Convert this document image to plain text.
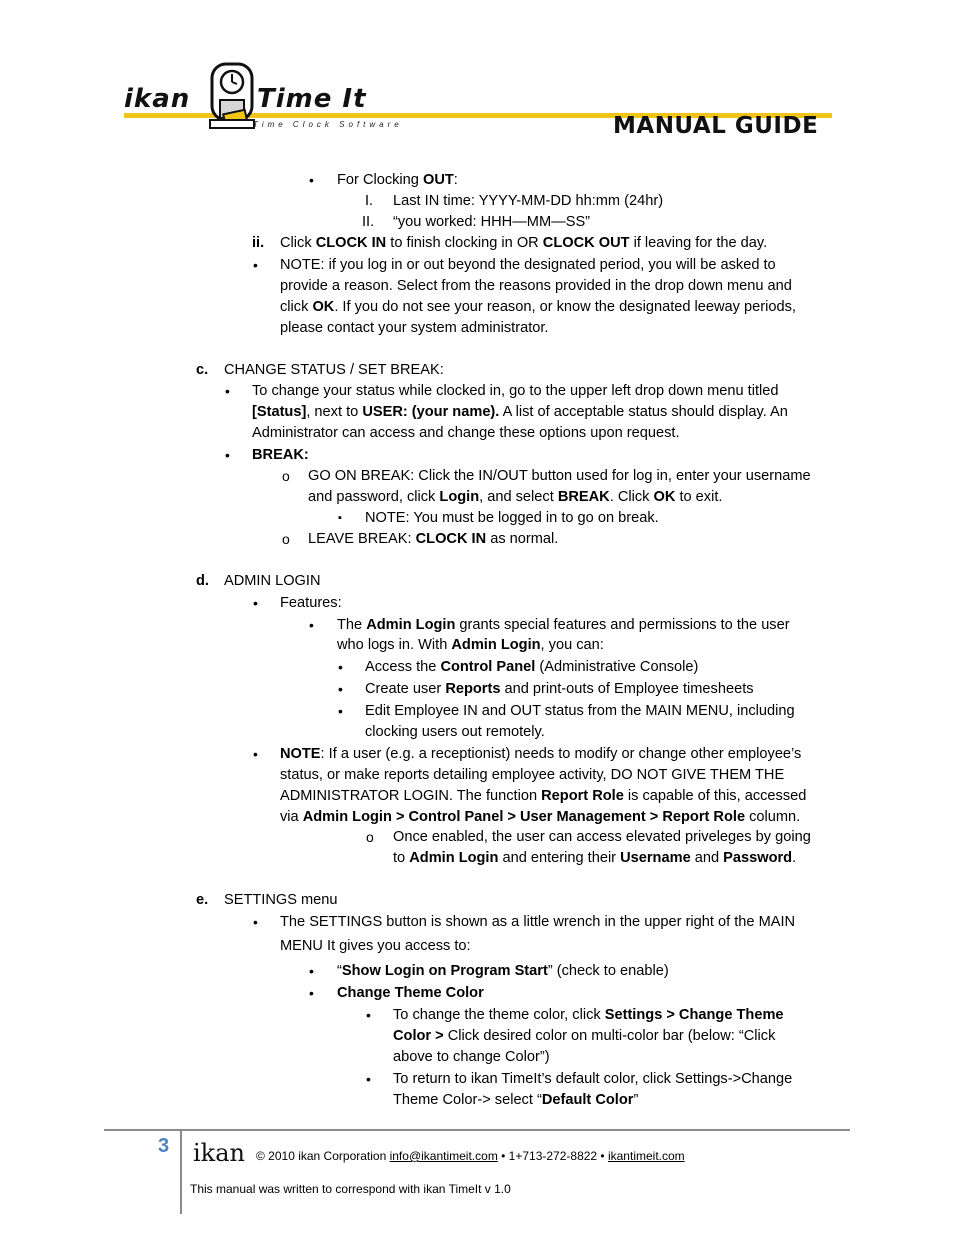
ikan	Time It
Time Clock Software	MANUAL GUIDE
• For Clocking OUT:
I. Last IN time: YYYY-MM-DD hh:mm (24hr)
II. “you worked: HHH—MM—SS”
ii. Click CLOCK IN to finish clocking in OR CLOCK OUT if leaving for the day.
• NOTE: if you log in or out beyond the designated period, you will be asked to
provide a reason. Select from the reasons provided in the drop down menu and
click OK. If you do not see your reason, or know the designated leeway periods,
please contact your system administrator.
c. CHANGE STATUS / SET BREAK:
• To change your status while clocked in, go to the upper left drop down menu titled
[Status], next to USER: (your name). A list of acceptable status should display. An
Administrator can access and change these options upon request.
• BREAK:
o GO ON BREAK: Click the IN/OUT button used for log in, enter your username
and password, click Login, and select BREAK. Click OK to exit.
▪ NOTE: You must be logged in to go on break.
o LEAVE BREAK: CLOCK IN as normal.
d. ADMIN LOGIN
• Features:
• The Admin Login grants special features and permissions to the user
who logs in. With Admin Login, you can:
• Access the Control Panel (Administrative Console)
• Create user Reports and print-outs of Employee timesheets
• Edit Employee IN and OUT status from the MAIN MENU, including
clocking users out remotely.
• NOTE: If a user (e.g. a receptionist) needs to modify or change other employee’s
status, or make reports detailing employee activity, DO NOT GIVE THEM THE
ADMINISTRATOR LOGIN. The function Report Role is capable of this, accessed
via Admin Login > Control Panel > User Management > Report Role column.
o Once enabled, the user can access elevated priveleges by going
to Admin Login and entering their Username and Password.
e. SETTINGS menu
• The SETTINGS button is shown as a little wrench in the upper right of the MAIN
MENU It gives you access to:
• “Show Login on Program Start” (check to enable)
• Change Theme Color
• To change the theme color, click Settings > Change Theme
Color > Click desired color on multi-color bar (below: “Click
above to change Color”)
• To return to ikan TimeIt’s default color, click Settings->Change
Theme Color-> select “Default Color”
3 ikan © 2010 ikan Corporation info@ikantimeit.com • 1+713-272-8822 • ikantimeit.com
This manual was written to correspond with ikan TimeIt v 1.0
